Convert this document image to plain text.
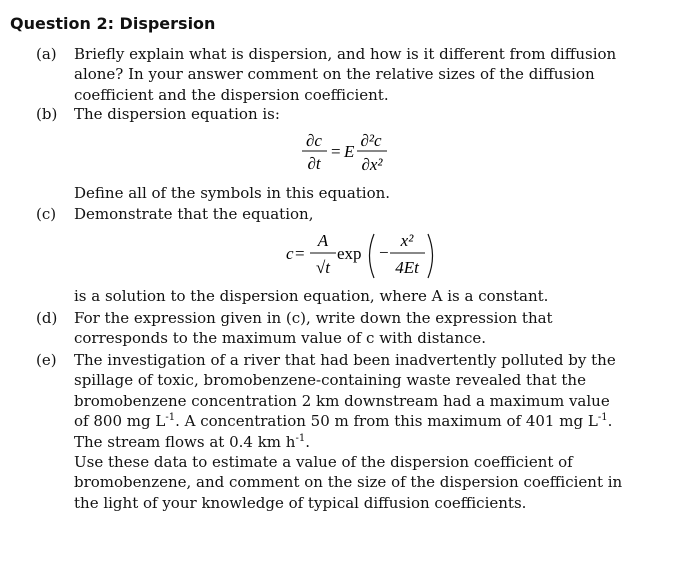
Question 2: Dispersion
(a) Briefly explain what is dispersion, and how is it different from diffusion
alone? In your answer comment on the relative sizes of the diffusion
coefficient and the dispersion coefficient.
(b) The dispersion equation is:
∂c
∂t
= E
∂²c
∂x²
Define all of the symbols in this equation.
(c) Demonstrate that the equation,
c =
A
√t
exp −
x²
4Et
is a solution to the dispersion equation, where A is a constant.
(d) For the expression given in (c), write down the expression that
corresponds to the maximum value of c with distance.
(e) The investigation of a river that had been inadvertently polluted by the
spillage of toxic, bromobenzene-containing waste revealed that the
bromobenzene concentration 2 km downstream had a maximum value
of 800 mg $L^{-1}$. A concentration 50 m from this maximum of 401 mg $L^{-1}$.
The stream flows at 0.4 km $h^{-1}$.
Use these data to estimate a value of the dispersion coefficient of
bromobenzene, and comment on the size of the dispersion coefficient in
the light of your knowledge of typical diffusion coefficients.
